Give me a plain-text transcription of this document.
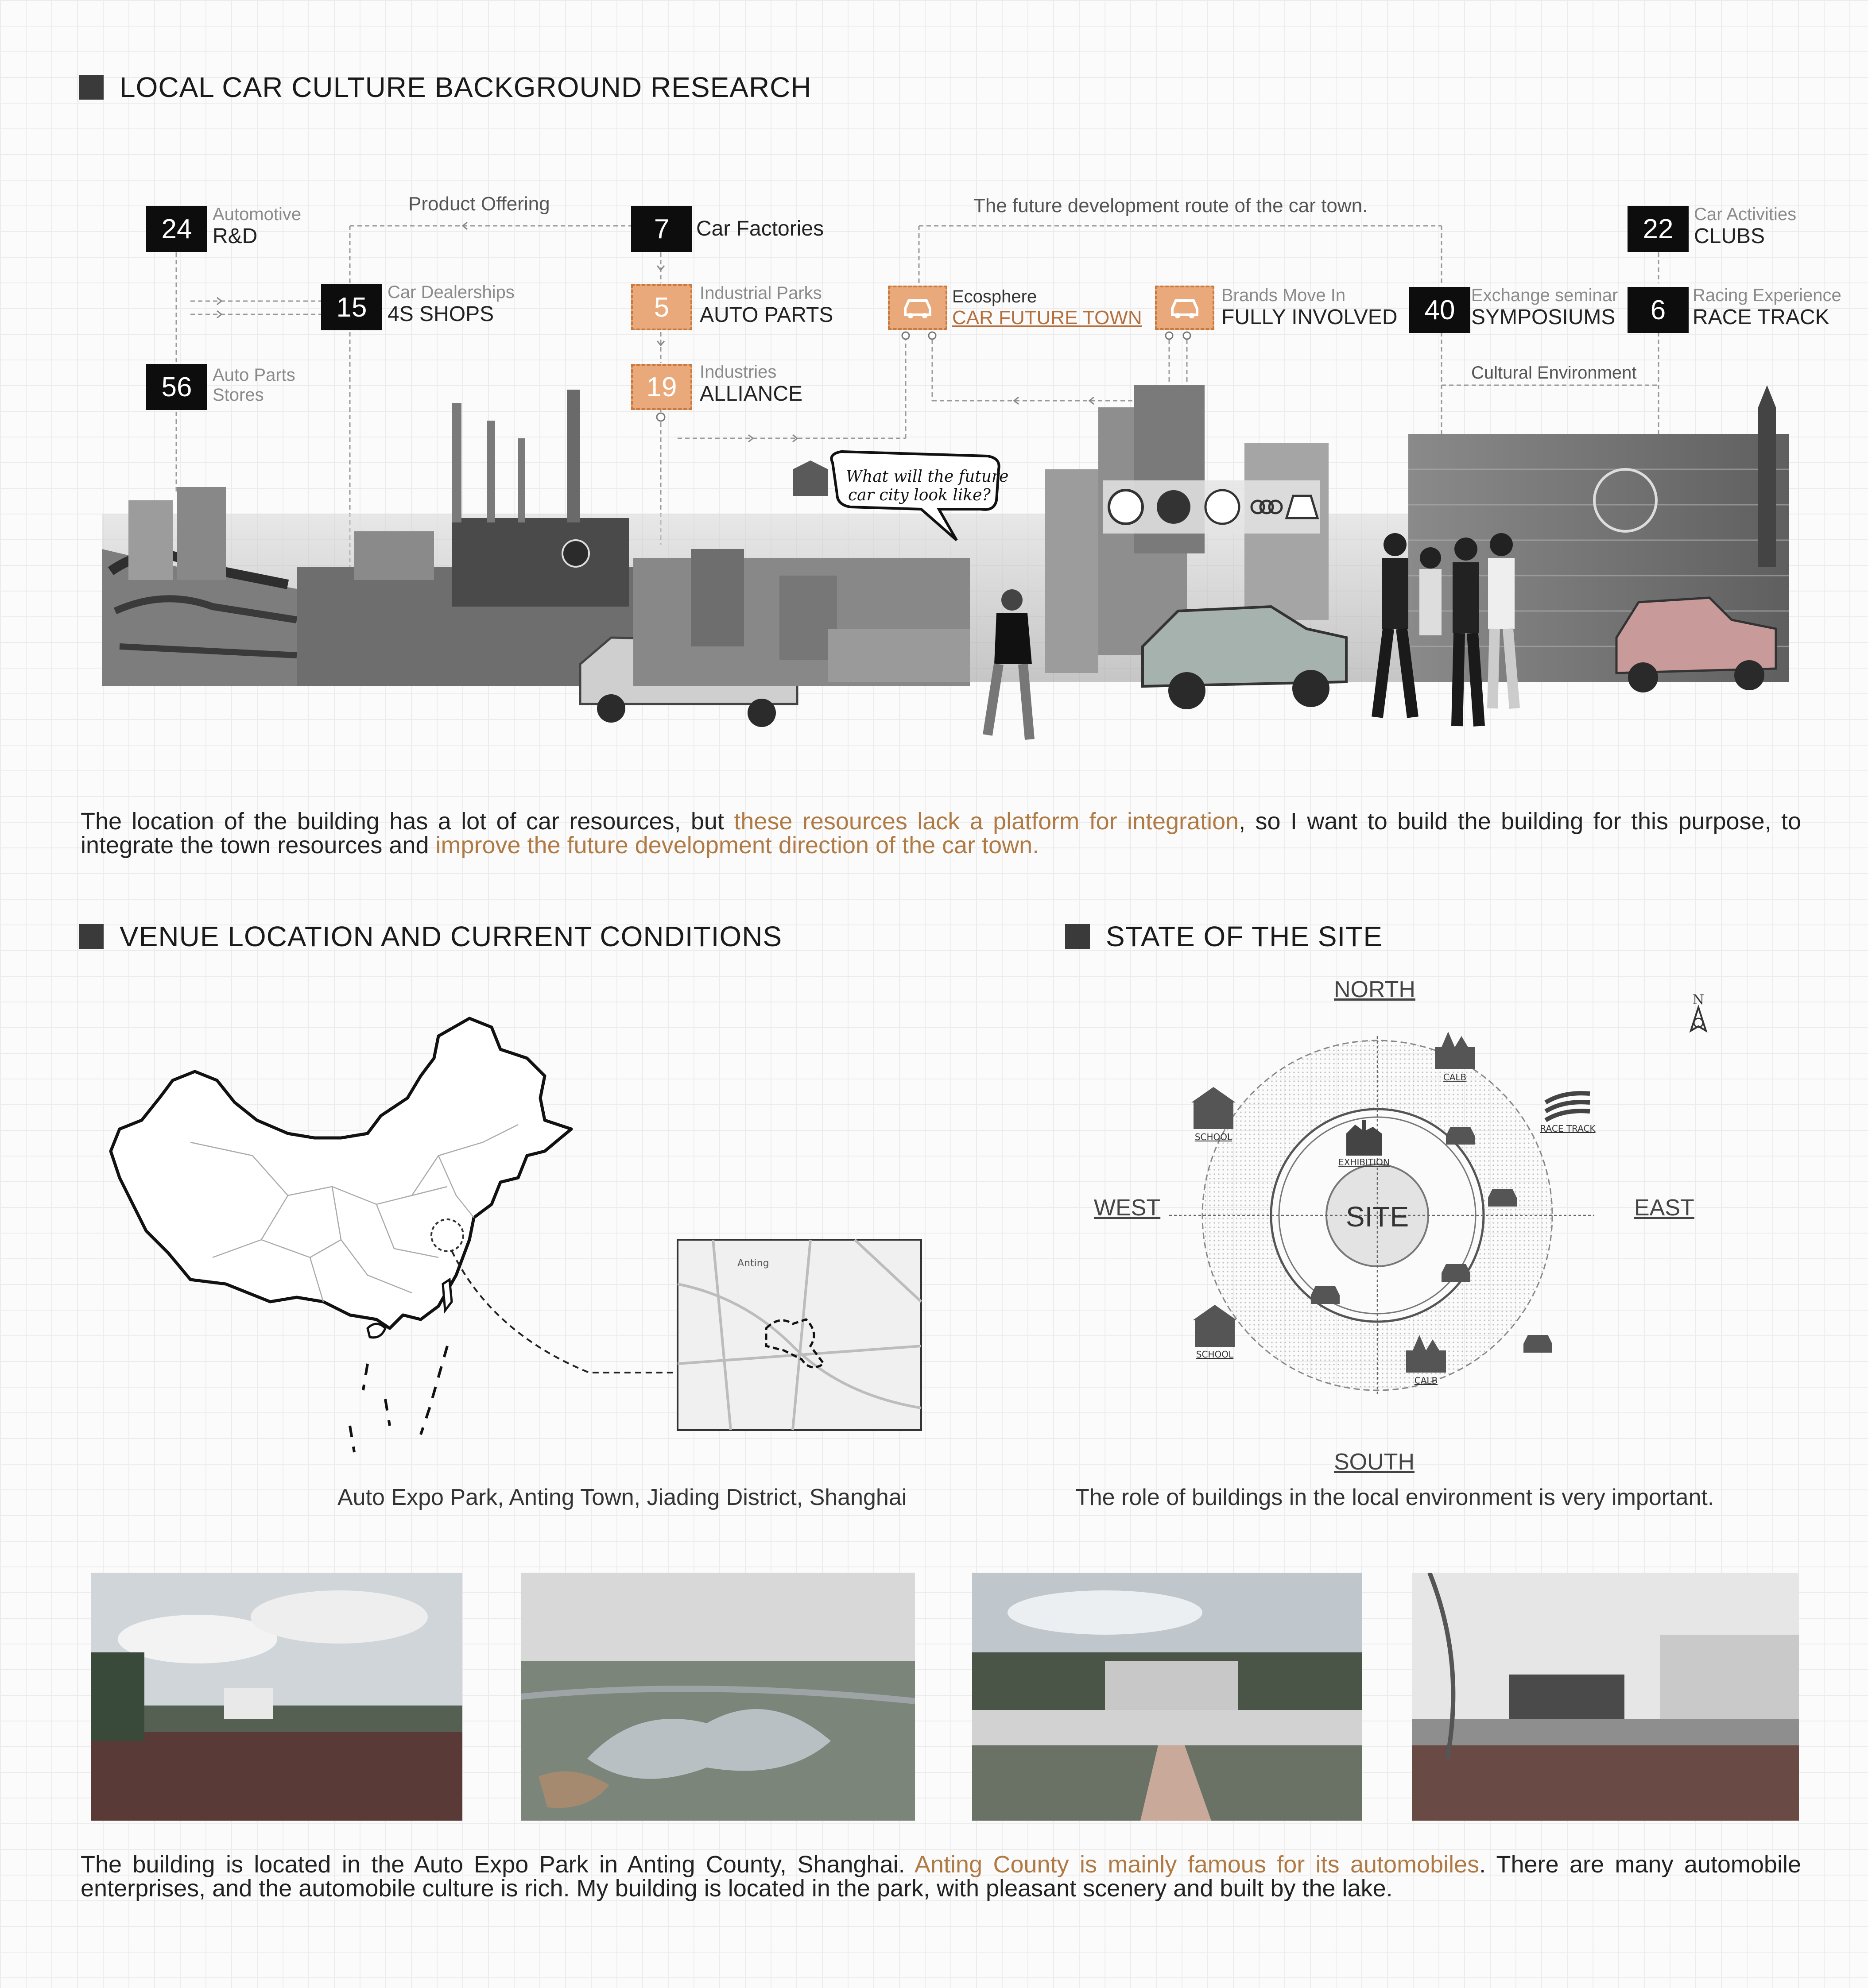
LOCAL CAR CULTURE BACKGROUND RESEARCH
Product Offering	The future development route of the car town.
Cultural Environment
24	Automotive
R&D
15	Car Dealerships
4S SHOPS
56	Auto Parts
Stores
7	Car Factories
5	Industrial Parks
AUTO PARTS
19	Industries
ALLIANCE
Ecosphere
CAR FUTURE TOWN
Brands Move In
FULLY INVOLVED 40 Exchange seminar
SYMPOSIUMS
22	Car Activities
CLUBS
6	Racing Experience
RACE TRACK
What will the future
car city look like?
The location of the building has a lot of car resources, but these resources lack a platform for integration, so I want to build the building for this purpose, to integrate the town resources and improve the future development direction of the car town.
VENUE LOCATION AND CURRENT CONDITIONS	STATE OF THE SITE
Anting
Auto Expo Park, Anting Town, Jiading District, Shanghai
SITE
EXHIBITION
SCHOOL
SCHOOL
CALB
CALB
RACE TRACK
N
NORTH
SOUTH
EAST
WEST
The role of buildings in the local environment is very important.
The building is located in the Auto Expo Park in Anting County, Shanghai. Anting County is mainly famous for its automobiles. There are many automobile enterprises, and the automobile culture is rich. My building is located in the park, with pleasant scenery and built by the lake.
